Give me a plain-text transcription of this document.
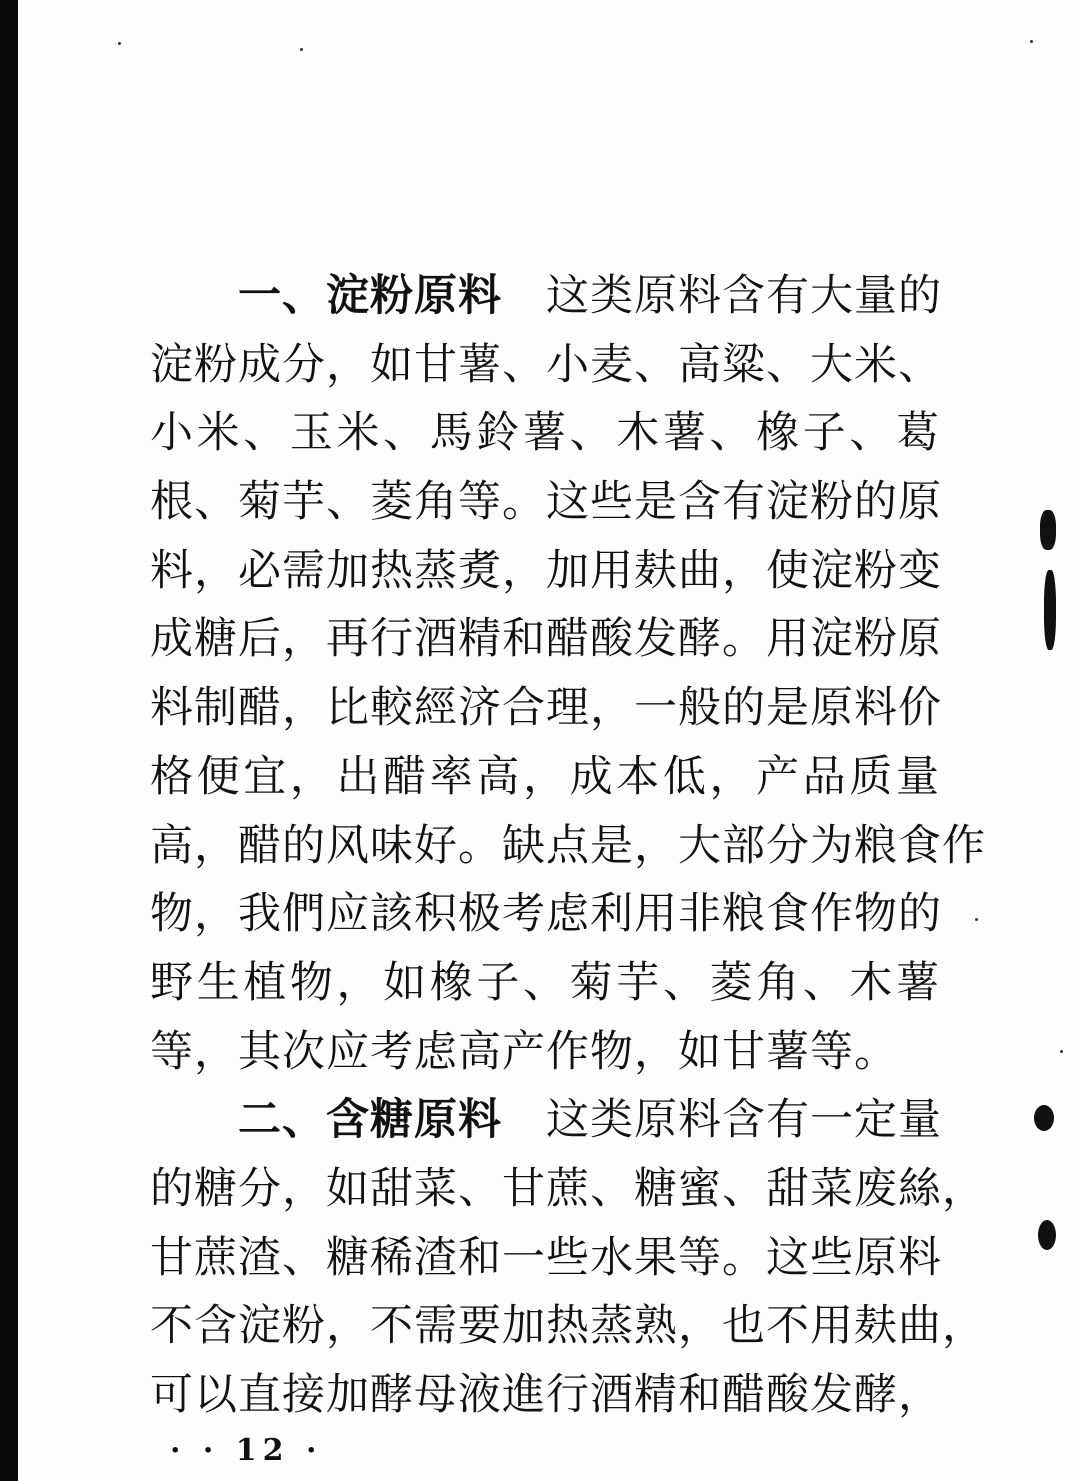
一、淀粉原料 这类原料含有大量的
淀粉成分，如甘薯、小麦、高粱、大米、
小米、玉米、馬鈴薯、木薯、橡子、葛
根、菊芋、菱角等。这些是含有淀粉的原
料，必需加热蒸煑，加用麸曲，使淀粉变
成糖后，再行酒精和醋酸发酵。用淀粉原
料制醋，比較經济合理，一般的是原料价
格便宜，出醋率高，成本低，产品质量
高，醋的风味好。缺点是，大部分为粮食作
物，我們应該积极考虑利用非粮食作物的
野生植物，如橡子、菊芋、菱角、木薯
等，其次应考虑高产作物，如甘薯等。
二、含糖原料 这类原料含有一定量
的糖分，如甜菜、甘蔗、糖蜜、甜菜废絲，
甘蔗渣、糖稀渣和一些水果等。这些原料
不含淀粉，不需要加热蒸熟，也不用麸曲，
可以直接加酵母液進行酒精和醋酸发酵，
· · 12 ·
